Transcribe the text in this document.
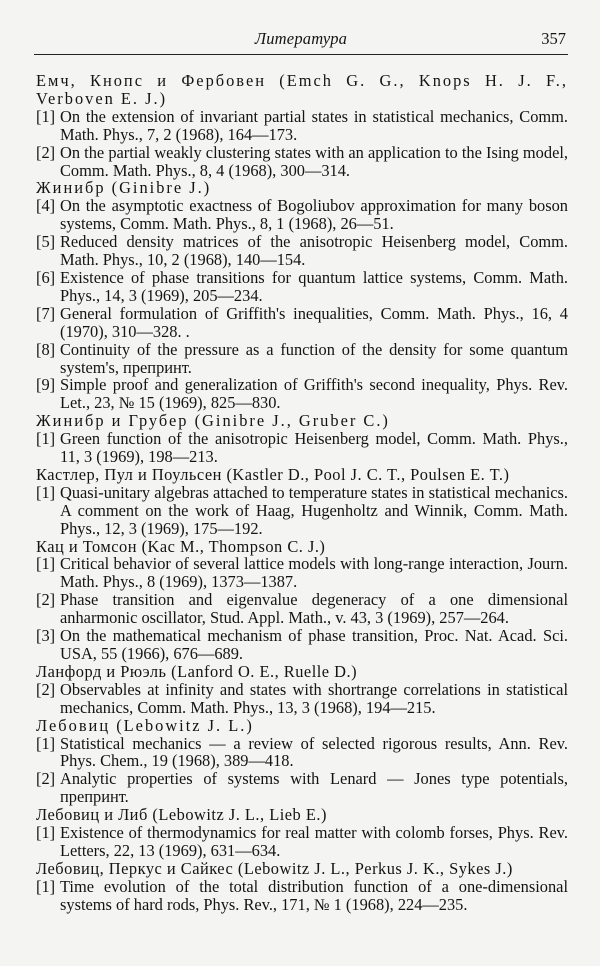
Литература	357
Емч, Кнопс и Фербовен (Emch G. G., Knops H. J. F., Verboven E. J.)
[1] On the extension of invariant partial states in statistical mechanics, Comm. Math. Phys., 7, 2 (1968), 164—173.
[2] On the partial weakly clustering states with an application to the Ising model, Comm. Math. Phys., 8, 4 (1968), 300—314.
Жинибр (Ginibre J.)
[4] On the asymptotic exactness of Bogoliubov approximation for many boson systems, Comm. Math. Phys., 8, 1 (1968), 26—51.
[5] Reduced density matrices of the anisotropic Heisenberg model, Comm. Math. Phys., 10, 2 (1968), 140—154.
[6] Existence of phase transitions for quantum lattice systems, Comm. Math. Phys., 14, 3 (1969), 205—234.
[7] General formulation of Griffith's inequalities, Comm. Math. Phys., 16, 4 (1970), 310—328. .
[8] Continuity of the pressure as a function of the density for some quantum system's, препринт.
[9] Simple proof and generalization of Griffith's second inequality, Phys. Rev. Let., 23, № 15 (1969), 825—830.
Жинибр и Грубер (Ginibre J., Gruber C.)
[1] Green function of the anisotropic Heisenberg model, Comm. Math. Phys., 11, 3 (1969), 198—213.
Кастлер, Пул и Поульсен (Kastler D., Pool J. C. T., Poulsen E. T.)
[1] Quasi-unitary algebras attached to temperature states in statistical mechanics. A comment on the work of Haag, Hugenholtz and Winnik, Comm. Math. Phys., 12, 3 (1969), 175—192.
Кац и Томсон (Kac M., Thompson C. J.)
[1] Critical behavior of several lattice models with long-range interaction, Journ. Math. Phys., 8 (1969), 1373—1387.
[2] Phase transition and eigenvalue degeneracy of a one dimensional anharmonic oscillator, Stud. Appl. Math., v. 43, 3 (1969), 257—264.
[3] On the mathematical mechanism of phase transition, Proc. Nat. Acad. Sci. USA, 55 (1966), 676—689.
Ланфорд и Рюэль (Lanford O. E., Ruelle D.)
[2] Observables at infinity and states with shortrange correlations in statistical mechanics, Comm. Math. Phys., 13, 3 (1968), 194—215.
Лебовиц (Lebowitz J. L.)
[1] Statistical mechanics — a review of selected rigorous results, Ann. Rev. Phys. Chem., 19 (1968), 389—418.
[2] Analytic properties of systems with Lenard — Jones type potentials, препринт.
Лебовиц и Либ (Lebowitz J. L., Lieb E.)
[1] Existence of thermodynamics for real matter with colomb forses, Phys. Rev. Letters, 22, 13 (1969), 631—634.
Лебовиц, Перкус и Сайкес (Lebowitz J. L., Perkus J. K., Sykes J.)
[1] Time evolution of the total distribution function of a one-dimensional systems of hard rods, Phys. Rev., 171, № 1 (1968), 224—235.
